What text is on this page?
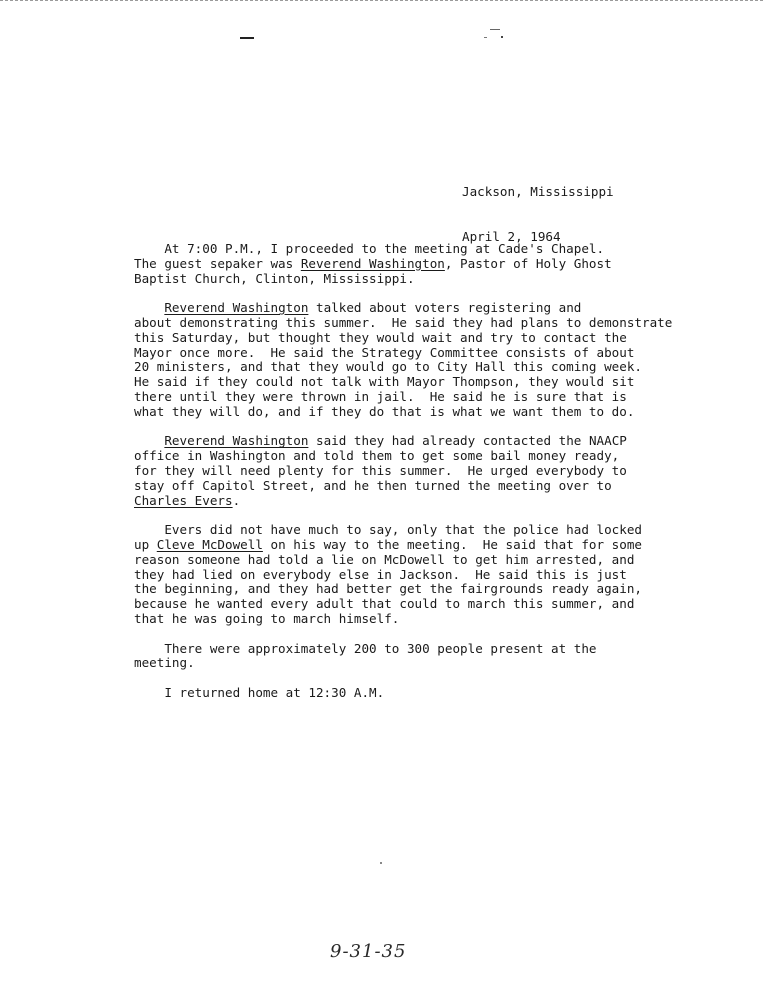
Jackson, Mississippi

April 2, 1964

At 7:00 P.M., I proceeded to the meeting at Cade's Chapel.
The guest sepaker was Reverend Washington, Pastor of Holy Ghost
Baptist Church, Clinton, Mississippi.
Reverend Washington talked about voters registering and
about demonstrating this summer.  He said they had plans to demonstrate
this Saturday, but thought they would wait and try to contact the
Mayor once more.  He said the Strategy Committee consists of about
20 ministers, and that they would go to City Hall this coming week.
He said if they could not talk with Mayor Thompson, they would sit
there until they were thrown in jail.  He said he is sure that is
what they will do, and if they do that is what we want them to do.
Reverend Washington said they had already contacted the NAACP
office in Washington and told them to get some bail money ready,
for they will need plenty for this summer.  He urged everybody to
stay off Capitol Street, and he then turned the meeting over to
Charles Evers.
Evers did not have much to say, only that the police had locked
up Cleve McDowell on his way to the meeting.  He said that for some
reason someone had told a lie on McDowell to get him arrested, and
they had lied on everybody else in Jackson.  He said this is just
the beginning, and they had better get the fairgrounds ready again,
because he wanted every adult that could to march this summer, and
that he was going to march himself.
There were approximately 200 to 300 people present at the
meeting.
I returned home at 12:30 A.M.
9-31-35
